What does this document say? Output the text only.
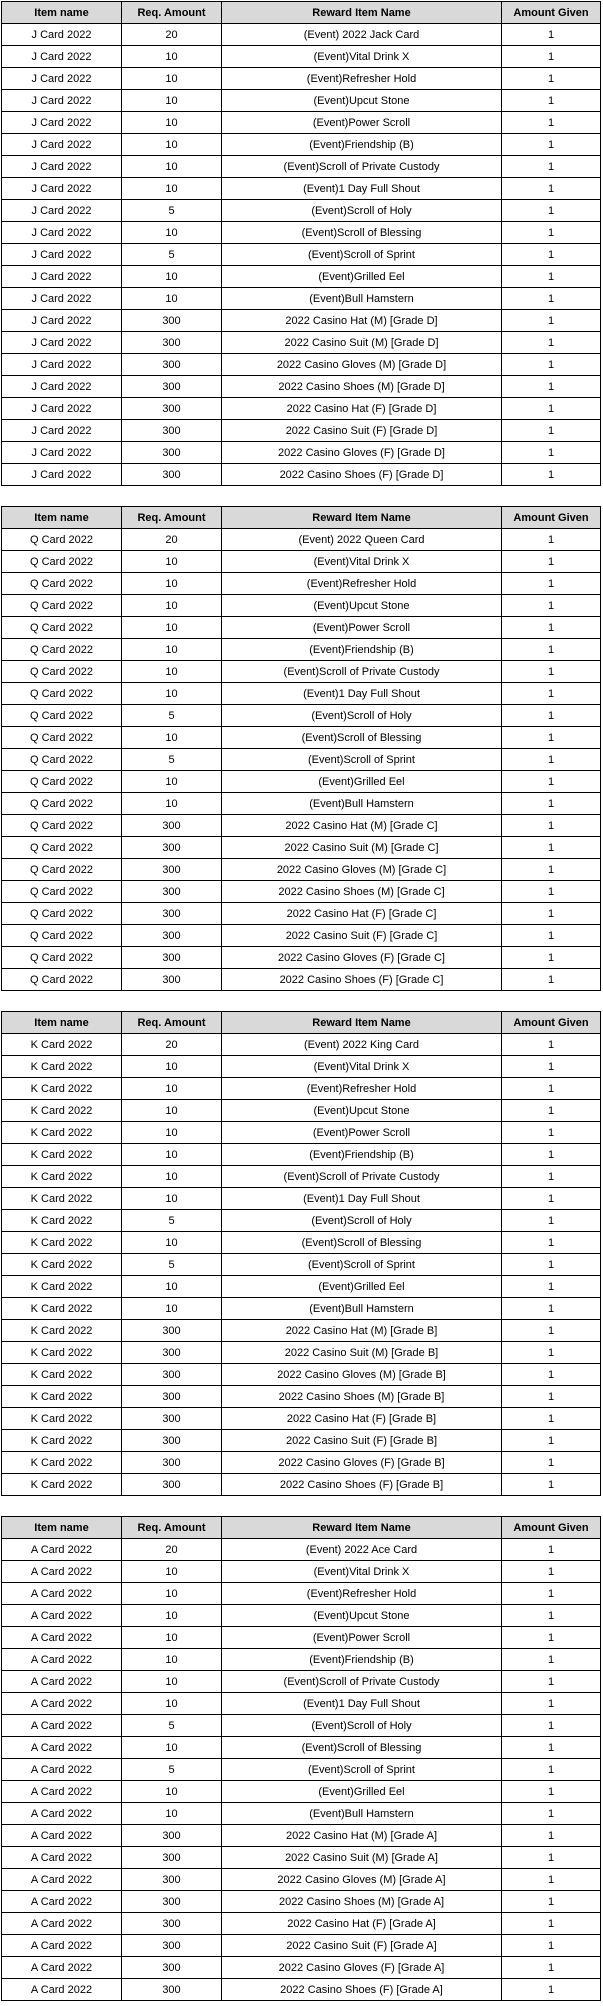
Item name	Req. Amount	Reward Item Name	Amount Given
J Card 2022	20	(Event) 2022 Jack Card	1
J Card 2022	10	(Event)Vital Drink X	1
J Card 2022	10	(Event)Refresher Hold	1
J Card 2022	10	(Event)Upcut Stone	1
J Card 2022	10	(Event)Power Scroll	1
J Card 2022	10	(Event)Friendship (B)	1
J Card 2022	10	(Event)Scroll of Private Custody	1
J Card 2022	10	(Event)1 Day Full Shout	1
J Card 2022	5	(Event)Scroll of Holy	1
J Card 2022	10	(Event)Scroll of Blessing	1
J Card 2022	5	(Event)Scroll of Sprint	1
J Card 2022	10	(Event)Grilled Eel	1
J Card 2022	10	(Event)Bull Hamstern	1
J Card 2022	300	2022 Casino Hat (M) [Grade D]	1
J Card 2022	300	2022 Casino Suit (M) [Grade D]	1
J Card 2022	300	2022 Casino Gloves (M) [Grade D]	1
J Card 2022	300	2022 Casino Shoes (M) [Grade D]	1
J Card 2022	300	2022 Casino Hat (F) [Grade D]	1
J Card 2022	300	2022 Casino Suit (F) [Grade D]	1
J Card 2022	300	2022 Casino Gloves (F) [Grade D]	1
J Card 2022	300	2022 Casino Shoes (F) [Grade D]	1
Item name	Req. Amount	Reward Item Name	Amount Given
Q Card 2022	20	(Event) 2022 Queen Card	1
Q Card 2022	10	(Event)Vital Drink X	1
Q Card 2022	10	(Event)Refresher Hold	1
Q Card 2022	10	(Event)Upcut Stone	1
Q Card 2022	10	(Event)Power Scroll	1
Q Card 2022	10	(Event)Friendship (B)	1
Q Card 2022	10	(Event)Scroll of Private Custody	1
Q Card 2022	10	(Event)1 Day Full Shout	1
Q Card 2022	5	(Event)Scroll of Holy	1
Q Card 2022	10	(Event)Scroll of Blessing	1
Q Card 2022	5	(Event)Scroll of Sprint	1
Q Card 2022	10	(Event)Grilled Eel	1
Q Card 2022	10	(Event)Bull Hamstern	1
Q Card 2022	300	2022 Casino Hat (M) [Grade C]	1
Q Card 2022	300	2022 Casino Suit (M) [Grade C]	1
Q Card 2022	300	2022 Casino Gloves (M) [Grade C]	1
Q Card 2022	300	2022 Casino Shoes (M) [Grade C]	1
Q Card 2022	300	2022 Casino Hat (F) [Grade C]	1
Q Card 2022	300	2022 Casino Suit (F) [Grade C]	1
Q Card 2022	300	2022 Casino Gloves (F) [Grade C]	1
Q Card 2022	300	2022 Casino Shoes (F) [Grade C]	1
Item name	Req. Amount	Reward Item Name	Amount Given
K Card 2022	20	(Event) 2022 King Card	1
K Card 2022	10	(Event)Vital Drink X	1
K Card 2022	10	(Event)Refresher Hold	1
K Card 2022	10	(Event)Upcut Stone	1
K Card 2022	10	(Event)Power Scroll	1
K Card 2022	10	(Event)Friendship (B)	1
K Card 2022	10	(Event)Scroll of Private Custody	1
K Card 2022	10	(Event)1 Day Full Shout	1
K Card 2022	5	(Event)Scroll of Holy	1
K Card 2022	10	(Event)Scroll of Blessing	1
K Card 2022	5	(Event)Scroll of Sprint	1
K Card 2022	10	(Event)Grilled Eel	1
K Card 2022	10	(Event)Bull Hamstern	1
K Card 2022	300	2022 Casino Hat (M) [Grade B]	1
K Card 2022	300	2022 Casino Suit (M) [Grade B]	1
K Card 2022	300	2022 Casino Gloves (M) [Grade B]	1
K Card 2022	300	2022 Casino Shoes (M) [Grade B]	1
K Card 2022	300	2022 Casino Hat (F) [Grade B]	1
K Card 2022	300	2022 Casino Suit (F) [Grade B]	1
K Card 2022	300	2022 Casino Gloves (F) [Grade B]	1
K Card 2022	300	2022 Casino Shoes (F) [Grade B]	1
Item name	Req. Amount	Reward Item Name	Amount Given
A Card 2022	20	(Event) 2022 Ace Card	1
A Card 2022	10	(Event)Vital Drink X	1
A Card 2022	10	(Event)Refresher Hold	1
A Card 2022	10	(Event)Upcut Stone	1
A Card 2022	10	(Event)Power Scroll	1
A Card 2022	10	(Event)Friendship (B)	1
A Card 2022	10	(Event)Scroll of Private Custody	1
A Card 2022	10	(Event)1 Day Full Shout	1
A Card 2022	5	(Event)Scroll of Holy	1
A Card 2022	10	(Event)Scroll of Blessing	1
A Card 2022	5	(Event)Scroll of Sprint	1
A Card 2022	10	(Event)Grilled Eel	1
A Card 2022	10	(Event)Bull Hamstern	1
A Card 2022	300	2022 Casino Hat (M) [Grade A]	1
A Card 2022	300	2022 Casino Suit (M) [Grade A]	1
A Card 2022	300	2022 Casino Gloves (M) [Grade A]	1
A Card 2022	300	2022 Casino Shoes (M) [Grade A]	1
A Card 2022	300	2022 Casino Hat (F) [Grade A]	1
A Card 2022	300	2022 Casino Suit (F) [Grade A]	1
A Card 2022	300	2022 Casino Gloves (F) [Grade A]	1
A Card 2022	300	2022 Casino Shoes (F) [Grade A]	1
